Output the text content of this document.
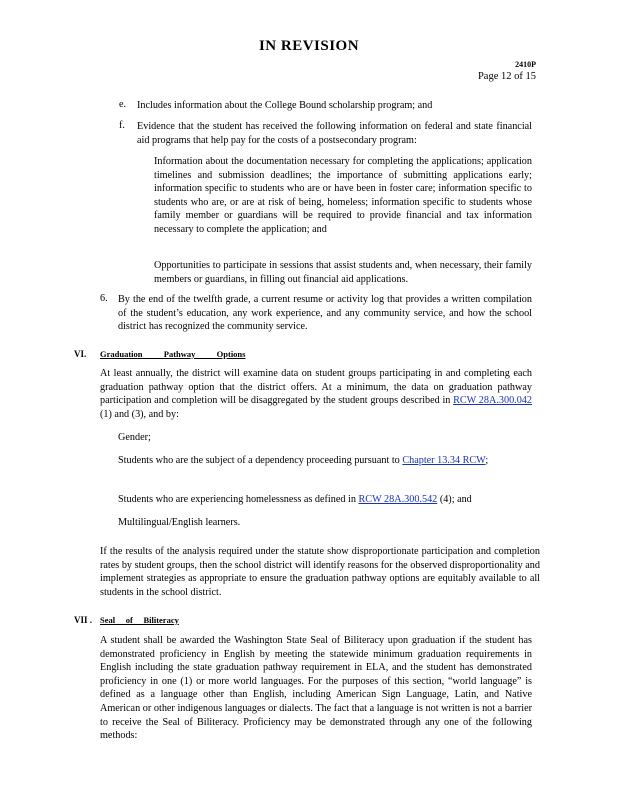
IN REVISION
2410P
Page 12 of 15
e. Includes information about the College Bound scholarship program; and
f. Evidence that the student has received the following information on federal and state financial aid programs that help pay for the costs of a postsecondary program:
Information about the documentation necessary for completing the applications; application timelines and submission deadlines; the importance of submitting applications early; information specific to students who are or have been in foster care; information specific to students who are, or are at risk of being, homeless; information specific to students whose family member or guardians will be required to provide financial and tax information necessary to complete the application; and
Opportunities to participate in sessions that assist students and, when necessary, their family members or guardians, in filling out financial aid applications.
6. By the end of the twelfth grade, a current resume or activity log that provides a written compilation of the student’s education, any work experience, and any community service, and how the school district has recognized the community service.
VI. Graduation          Pathway          Options
At least annually, the district will examine data on student groups participating in and completing each graduation pathway option that the district offers. At a minimum, the data on graduation pathway participation and completion will be disaggregated by the student groups described in RCW 28A.300.042 (1) and (3), and by:
Gender;
Students who are the subject of a dependency proceeding pursuant to Chapter 13.34 RCW;
Students who are experiencing homelessness as defined in RCW 28A.300.542 (4); and
Multilingual/English learners.
If the results of the analysis required under the statute show disproportionate participation and completion rates by student groups, then the school district will identify reasons for the observed disproportionality and implement strategies as appropriate to ensure the graduation pathway options are equitably available to all students in the school district.
VII . Seal     of     Biliteracy
A student shall be awarded the Washington State Seal of Biliteracy upon graduation if the student has demonstrated proficiency in English by meeting the statewide minimum graduation requirements in English including the state graduation pathway requirement in ELA, and the student has demonstrated proficiency in one (1) or more world languages. For the purposes of this section, “world language” is defined as a language other than English, including American Sign Language, Latin, and Native American or other indigenous languages or dialects. The fact that a language is not written is not a barrier to receive the Seal of Biliteracy. Proficiency may be demonstrated through any one of the following methods:
